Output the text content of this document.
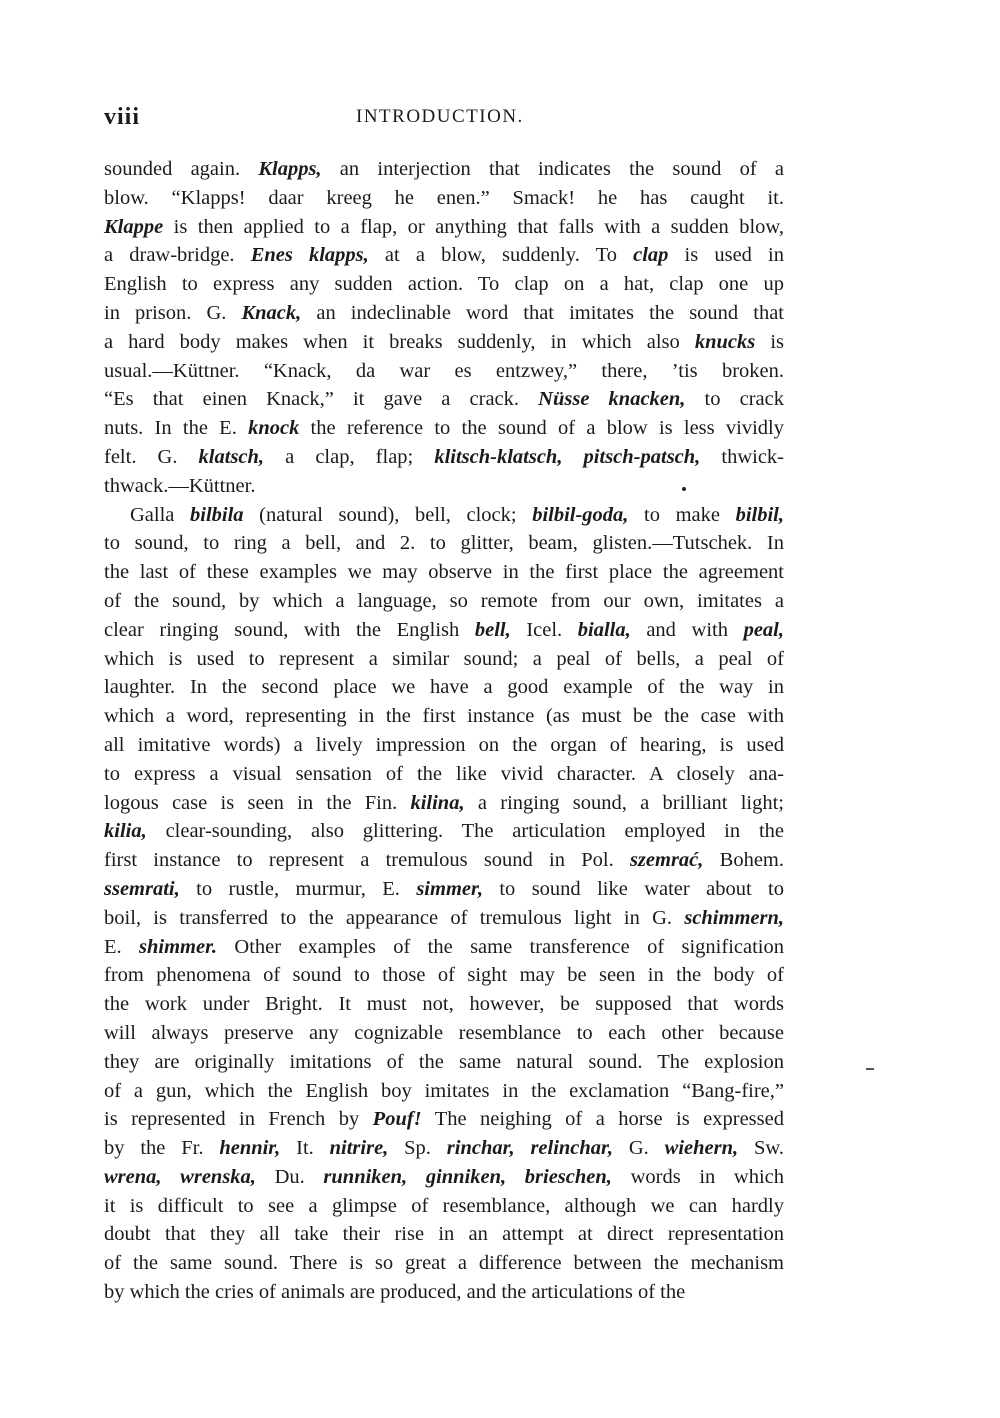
viii	INTRODUCTION.
sounded again. Klapps, an interjection that indicates the sound of a
blow. “Klapps! daar kreeg he enen.” Smack! he has caught it.
Klappe is then applied to a flap, or anything that falls with a sudden blow,
a draw-bridge. Enes klapps, at a blow, suddenly. To clap is used in
English to express any sudden action. To clap on a hat, clap one up
in prison. G. Knack, an indeclinable word that imitates the sound that
a hard body makes when it breaks suddenly, in which also knucks is
usual.—Küttner. “Knack, da war es entzwey,” there, ’tis broken.
“Es that einen Knack,” it gave a crack. Nüsse knacken, to crack
nuts. In the E. knock the reference to the sound of a blow is less vividly
felt. G. klatsch, a clap, flap; klitsch-klatsch, pitsch-patsch, thwick-
thwack.—Küttner.
Galla bilbila (natural sound), bell, clock; bilbil-goda, to make bilbil,
to sound, to ring a bell, and 2. to glitter, beam, glisten.—Tutschek. In
the last of these examples we may observe in the first place the agreement
of the sound, by which a language, so remote from our own, imitates a
clear ringing sound, with the English bell, Icel. bialla, and with peal,
which is used to represent a similar sound; a peal of bells, a peal of
laughter. In the second place we have a good example of the way in
which a word, representing in the first instance (as must be the case with
all imitative words) a lively impression on the organ of hearing, is used
to express a visual sensation of the like vivid character. A closely ana-
logous case is seen in the Fin. kilina, a ringing sound, a brilliant light;
kilia, clear-sounding, also glittering. The articulation employed in the
first instance to represent a tremulous sound in Pol. szemrać, Bohem.
ssemrati, to rustle, murmur, E. simmer, to sound like water about to
boil, is transferred to the appearance of tremulous light in G. schimmern,
E. shimmer. Other examples of the same transference of signification
from phenomena of sound to those of sight may be seen in the body of
the work under Bright. It must not, however, be supposed that words
will always preserve any cognizable resemblance to each other because
they are originally imitations of the same natural sound. The explosion
of a gun, which the English boy imitates in the exclamation “Bang-fire,”
is represented in French by Pouf! The neighing of a horse is expressed
by the Fr. hennir, It. nitrire, Sp. rinchar, relinchar, G. wiehern, Sw.
wrena, wrenska, Du. runniken, ginniken, brieschen, words in which
it is difficult to see a glimpse of resemblance, although we can hardly
doubt that they all take their rise in an attempt at direct representation
of the same sound. There is so great a difference between the mechanism
by which the cries of animals are produced, and the articulations of the
